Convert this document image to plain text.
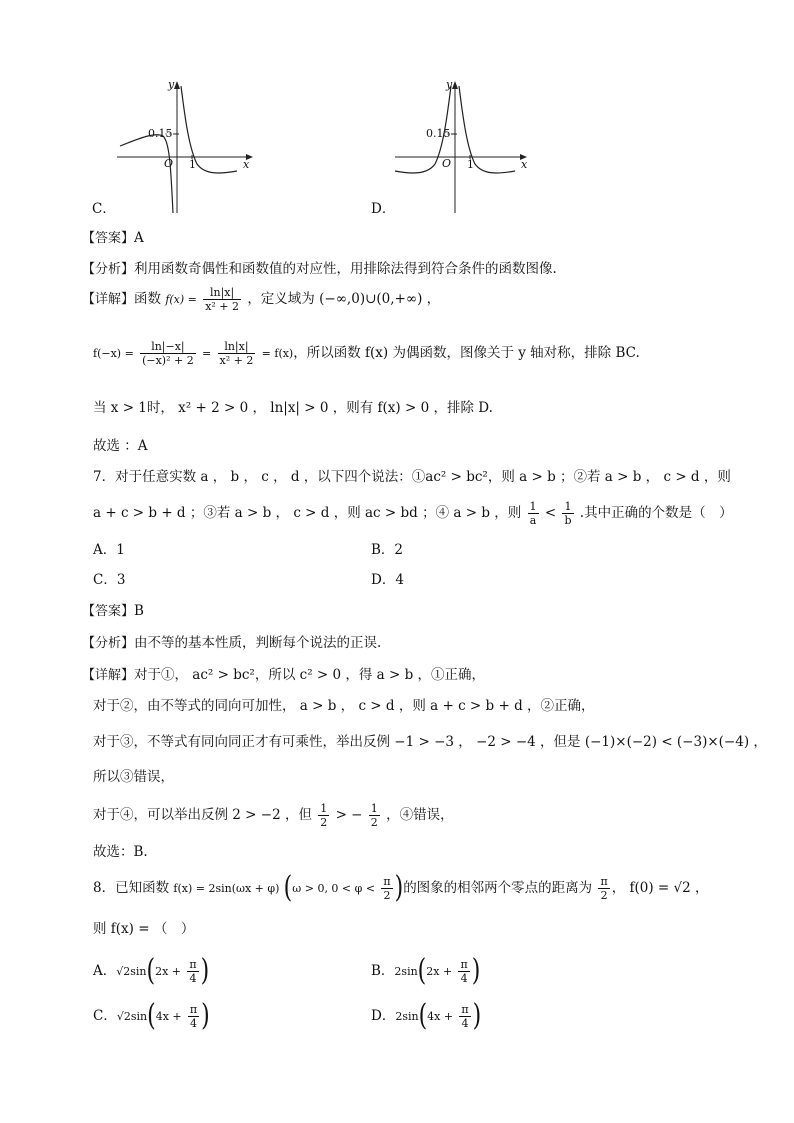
y
x
O 1
0.15
C．
y
x
O 1
0.15
D．
【答案】A
【分析】利用函数奇偶性和函数值的对应性，用排除法得到符合条件的函数图像.
【详解】函数 $f(x) = \frac{\ln|x|}{\text{x² + 2}}$ ，定义域为 (−∞,0)∪(0,+∞) ，
$f(-x) = \frac{\ln|-x|}{\text{(−x)² + 2}} = \frac{\ln|x|}{\text{x² + 2}} = f(x)$，所以函数 f(x) 为偶函数，图像关于 y 轴对称，排除 BC.
当 x > 1时， x² + 2 > 0 ， ln|x| > 0 ，则有 f(x) > 0 ，排除 D.
故选 ：A
7．对于任意实数 a ， b ， c ， d ，以下四个说法：①ac² > bc²，则 a > b ；②若 a > b ， c > d ，则
a + c > b + d ；③若 a > b ， c > d ，则 ac > bd ；④ a > b ，则 $\frac{1}{a} < \frac{1}{b}$ .其中正确的个数是（　）
A．1	B．2
C．3	D．4
【答案】B
【分析】由不等的基本性质，判断每个说法的正误.
【详解】对于①， ac² > bc²，所以 c² > 0 ，得 a > b ，①正确，
对于②，由不等式的同向可加性， a > b ， c > d ，则 a + c > b + d ，②正确，
对于③，不等式有同向同正才有可乘性，举出反例 −1 > −3 ， −2 > −4 ，但是 (−1)×(−2) < (−3)×(−4) ，
所以③错误，
对于④，可以举出反例 2 > −2 ，但 $\frac{1}{2}$ > − $\frac{1}{2}$ ，④错误，
故选：B.
8．已知函数 f(x) = 2sin(ωx + φ) (ω > 0, $0 < \varphi < \frac{\pi}{2}$ )的图象的相邻两个零点的距离为 $\frac{\pi}{2}$ ， f(0) = √2 ，
则 f(x) = （　）
A．$√2\sin(2x + \frac{\pi}{4}$ )	B．$2\sin(2x + \frac{\pi}{4}$ )
C．$√2\sin(4x + \frac{\pi}{4}$ )	D．$2\sin(4x + \frac{\pi}{4}$ )
